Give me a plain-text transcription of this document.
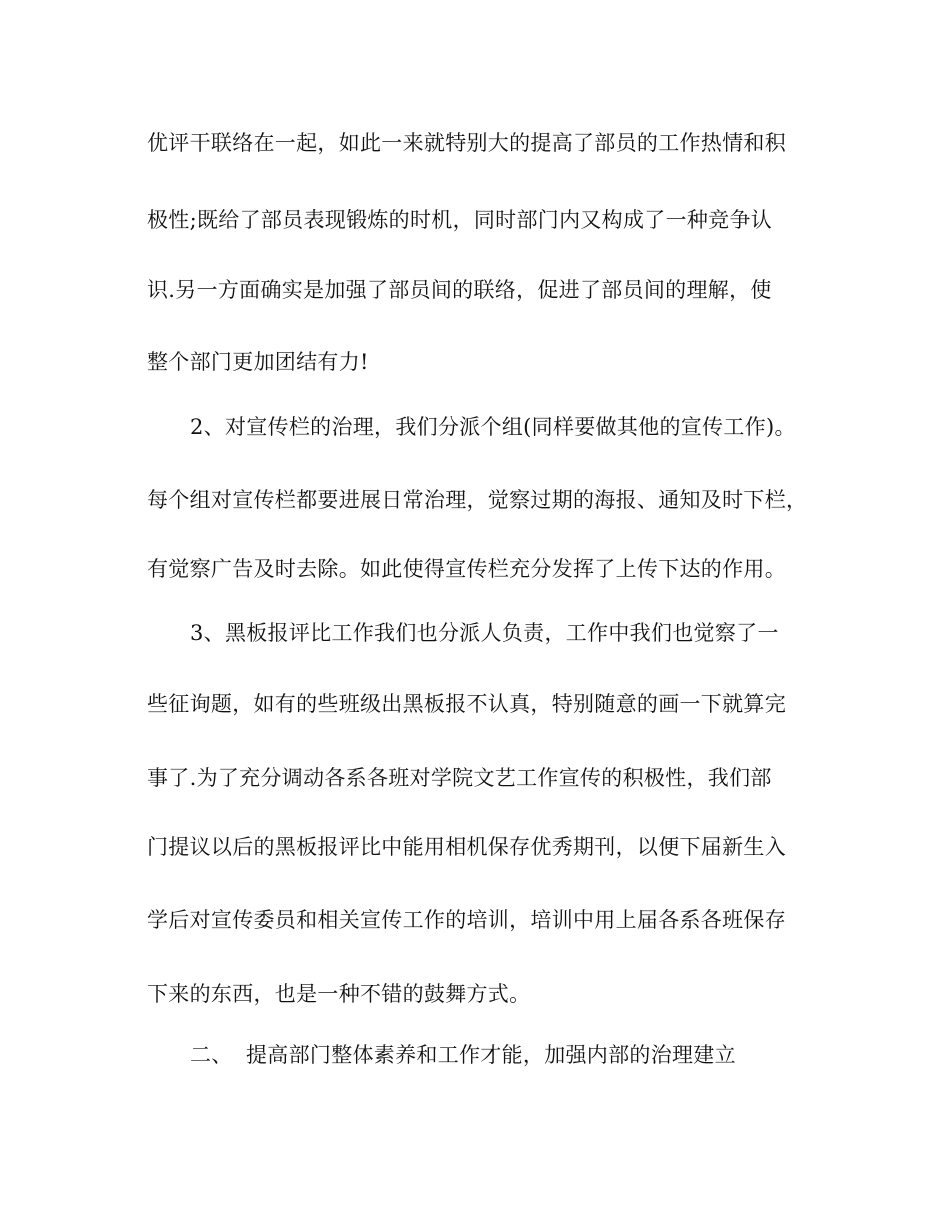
优评干联络在一起，如此一来就特别大的提高了部员的工作热情和积
极性;既给了部员表现锻炼的时机，同时部门内又构成了一种竞争认
识.另一方面确实是加强了部员间的联络，促进了部员间的理解，使
整个部门更加团结有力!
2、对宣传栏的治理，我们分派个组(同样要做其他的宣传工作)。
每个组对宣传栏都要进展日常治理，觉察过期的海报、通知及时下栏，
有觉察广告及时去除。如此使得宣传栏充分发挥了上传下达的作用。
3、黑板报评比工作我们也分派人负责，工作中我们也觉察了一
些征询题，如有的些班级出黑板报不认真，特别随意的画一下就算完
事了.为了充分调动各系各班对学院文艺工作宣传的积极性，我们部
门提议以后的黑板报评比中能用相机保存优秀期刊，以便下届新生入
学后对宣传委员和相关宣传工作的培训，培训中用上届各系各班保存
下来的东西，也是一种不错的鼓舞方式。
二、 提高部门整体素养和工作才能，加强内部的治理建立
